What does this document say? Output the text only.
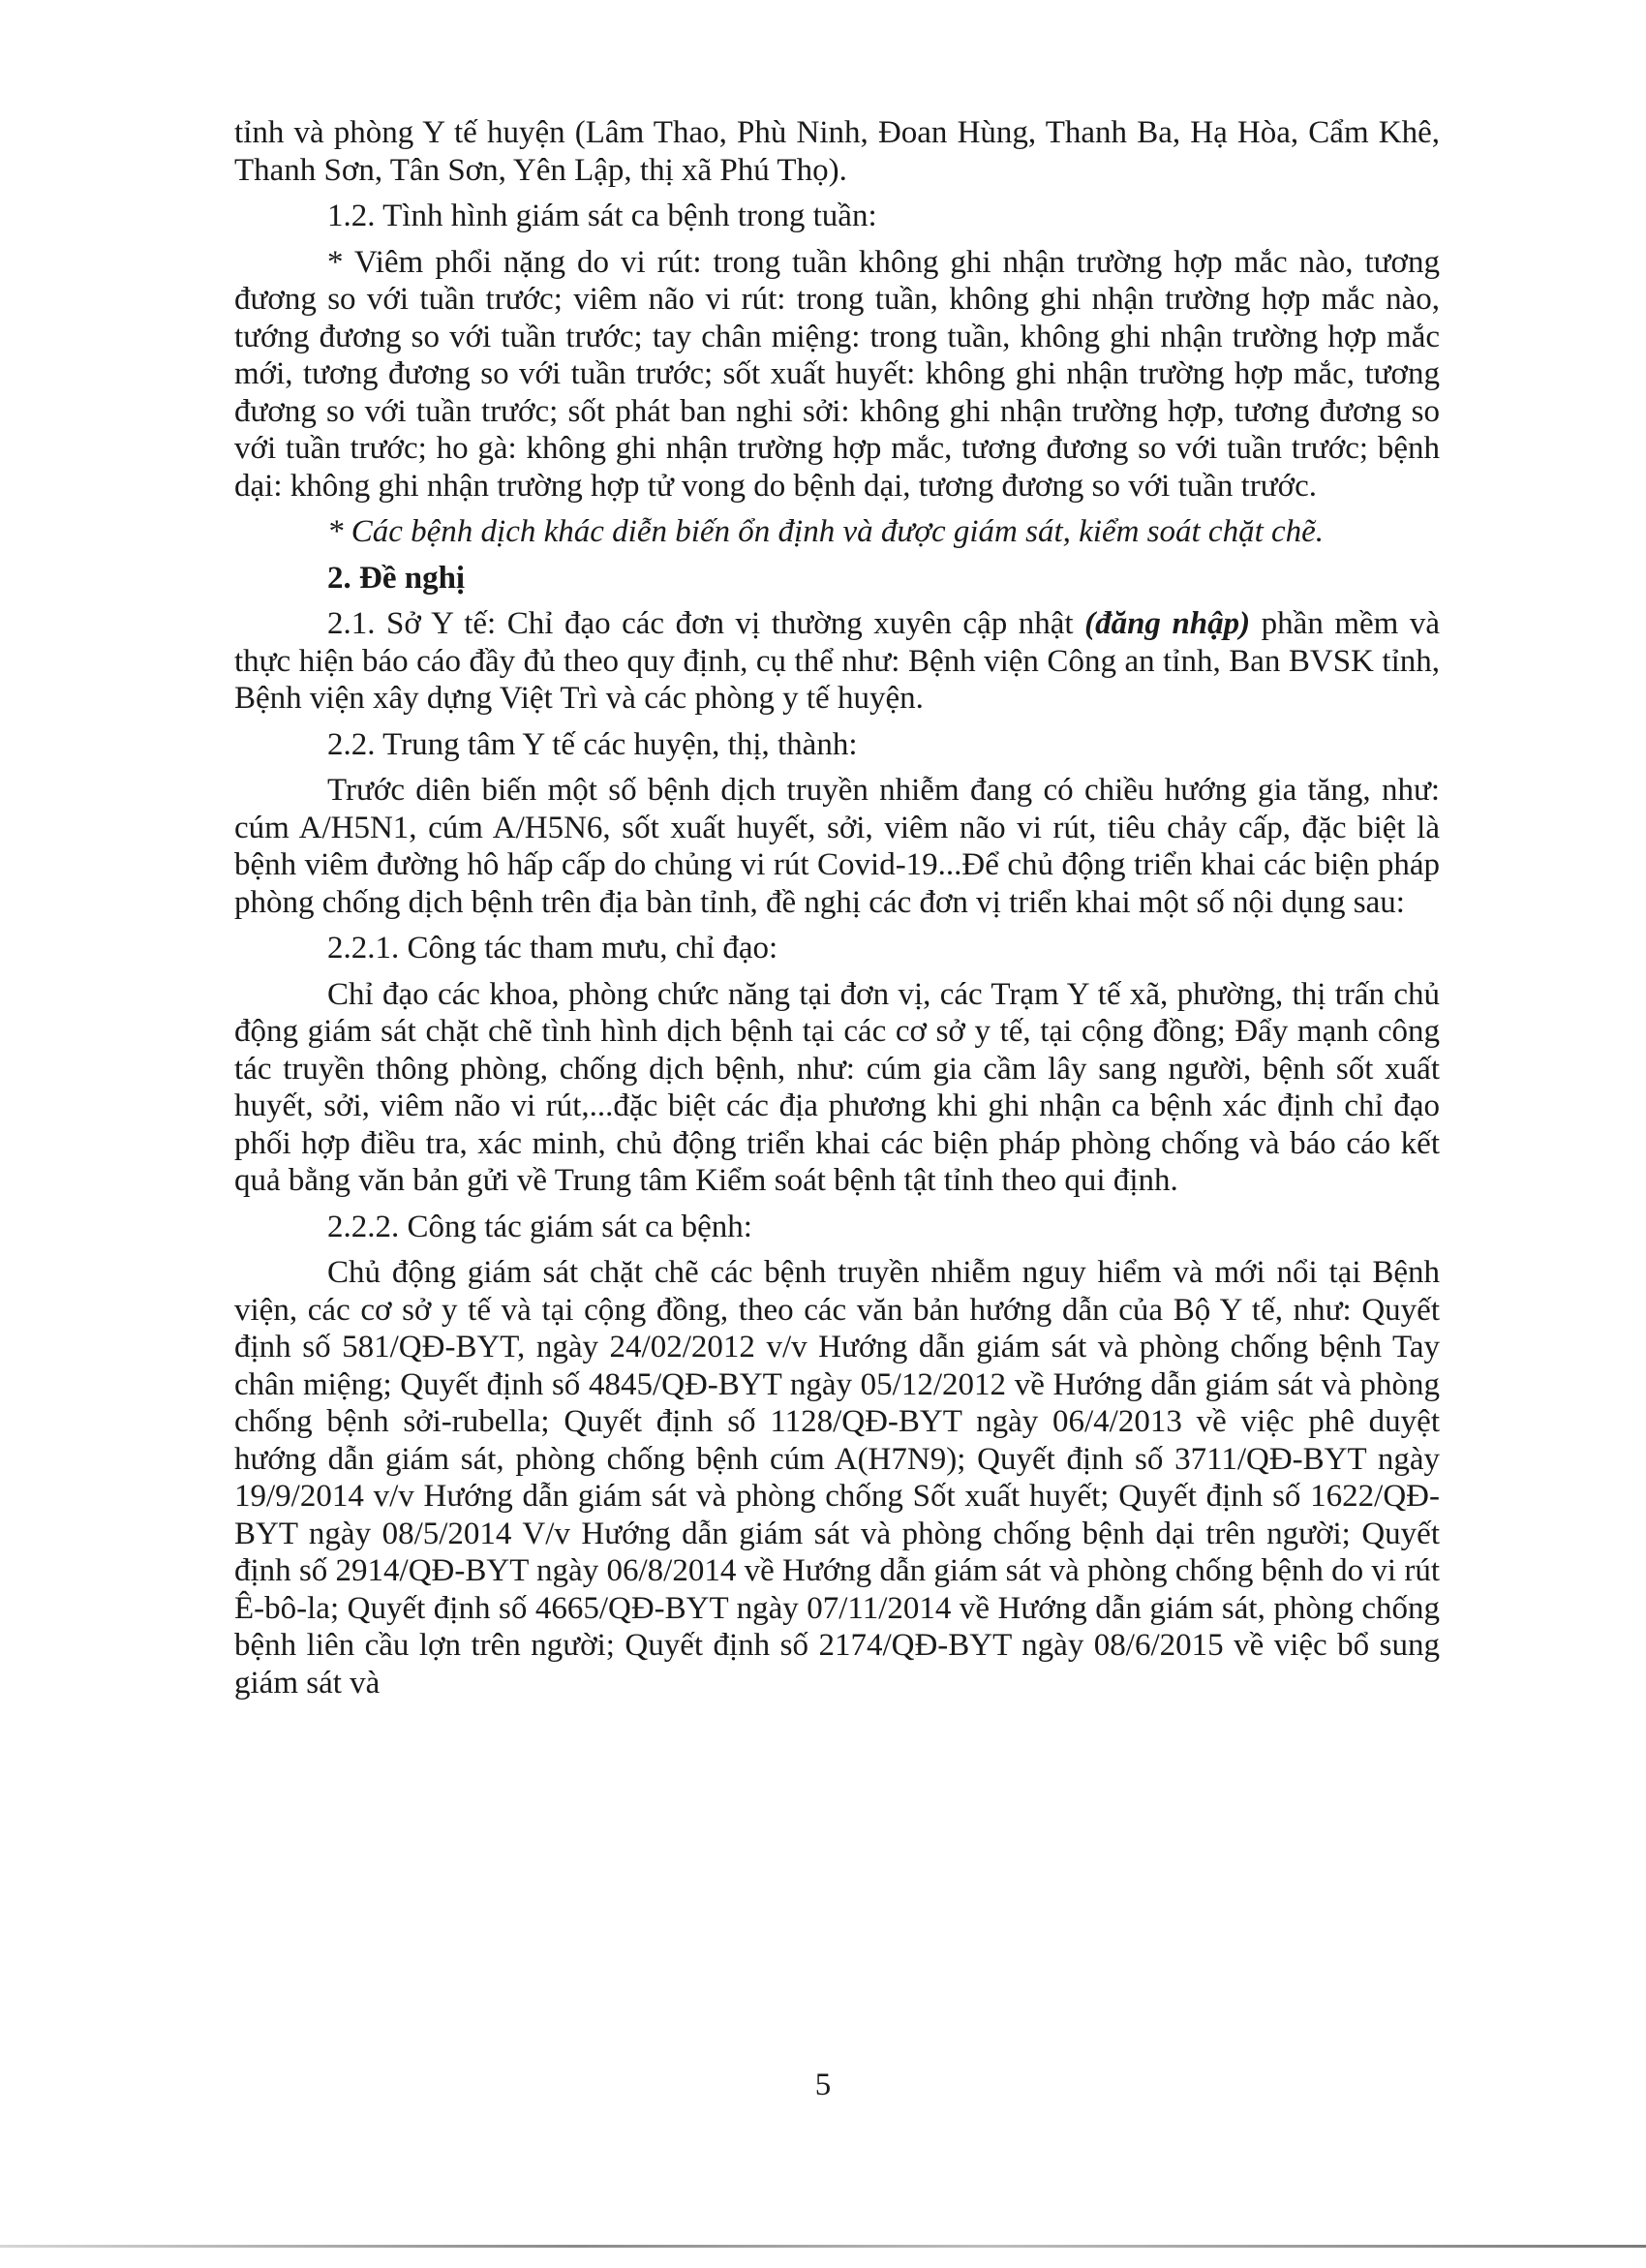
tỉnh và phòng Y tế huyện (Lâm Thao, Phù Ninh, Đoan Hùng, Thanh Ba, Hạ Hòa, Cẩm Khê, Thanh Sơn, Tân Sơn, Yên Lập, thị xã Phú Thọ).

1.2. Tình hình giám sát ca bệnh trong tuần:

* Viêm phổi nặng do vi rút: trong tuần không ghi nhận trường hợp mắc nào, tương đương so với tuần trước; viêm não vi rút: trong tuần, không ghi nhận trường hợp mắc nào, tướng đương so với tuần trước; tay chân miệng: trong tuần, không ghi nhận trường hợp mắc mới, tương đương so với tuần trước; sốt xuất huyết: không ghi nhận trường hợp mắc, tương đương so với tuần trước; sốt phát ban nghi sởi: không ghi nhận trường hợp, tương đương so với tuần trước; ho gà: không ghi nhận trường hợp mắc, tương đương so với tuần trước; bệnh dại: không ghi nhận trường hợp tử vong do bệnh dại, tương đương so với tuần trước.

* Các bệnh dịch khác diễn biến ổn định và được giám sát, kiểm soát chặt chẽ.

2. Đề nghị

2.1. Sở Y tế: Chỉ đạo các đơn vị thường xuyên cập nhật (đăng nhập) phần mềm và thực hiện báo cáo đầy đủ theo quy định, cụ thể như: Bệnh viện Công an tỉnh, Ban BVSK tỉnh, Bệnh viện xây dựng Việt Trì và các phòng y tế huyện.

2.2. Trung tâm Y tế các huyện, thị, thành:

Trước diên biến một số bệnh dịch truyền nhiễm đang có chiều hướng gia tăng, như: cúm A/H5N1, cúm A/H5N6, sốt xuất huyết, sởi, viêm não vi rút, tiêu chảy cấp, đặc biệt là bệnh viêm đường hô hấp cấp do chủng vi rút Covid-19...Để chủ động triển khai các biện pháp phòng chống dịch bệnh trên địa bàn tỉnh, đề nghị các đơn vị triển khai một số nội dụng sau:

2.2.1. Công tác tham mưu, chỉ đạo:

Chỉ đạo các khoa, phòng chức năng tại đơn vị, các Trạm Y tế xã, phường, thị trấn chủ động giám sát chặt chẽ tình hình dịch bệnh tại các cơ sở y tế, tại cộng đồng; Đẩy mạnh công tác truyền thông phòng, chống dịch bệnh, như: cúm gia cầm lây sang người, bệnh sốt xuất huyết, sởi, viêm não vi rút,...đặc biệt các địa phương khi ghi nhận ca bệnh xác định chỉ đạo phối hợp điều tra, xác minh, chủ động triển khai các biện pháp phòng chống và báo cáo kết quả bằng văn bản gửi về Trung tâm Kiểm soát bệnh tật tỉnh theo qui định.

2.2.2. Công tác giám sát ca bệnh:

Chủ động giám sát chặt chẽ các bệnh truyền nhiễm nguy hiểm và mới nổi tại Bệnh viện, các cơ sở y tế và tại cộng đồng, theo các văn bản hướng dẫn của Bộ Y tế, như: Quyết định số 581/QĐ-BYT, ngày 24/02/2012 v/v Hướng dẫn giám sát và phòng chống bệnh Tay chân miệng; Quyết định số 4845/QĐ-BYT ngày 05/12/2012 về Hướng dẫn giám sát và phòng chống bệnh sởi-rubella; Quyết định số 1128/QĐ-BYT ngày 06/4/2013 về việc phê duyệt hướng dẫn giám sát, phòng chống bệnh cúm A(H7N9); Quyết định số 3711/QĐ-BYT ngày 19/9/2014 v/v Hướng dẫn giám sát và phòng chống Sốt xuất huyết; Quyết định số 1622/QĐ-BYT ngày 08/5/2014 V/v Hướng dẫn giám sát và phòng chống bệnh dại trên người; Quyết định số 2914/QĐ-BYT ngày 06/8/2014 về Hướng dẫn giám sát và phòng chống bệnh do vi rút Ê-bô-la; Quyết định số 4665/QĐ-BYT ngày 07/11/2014 về Hướng dẫn giám sát, phòng chống bệnh liên cầu lợn trên người; Quyết định số 2174/QĐ-BYT ngày 08/6/2015 về việc bổ sung giám sát và

5
